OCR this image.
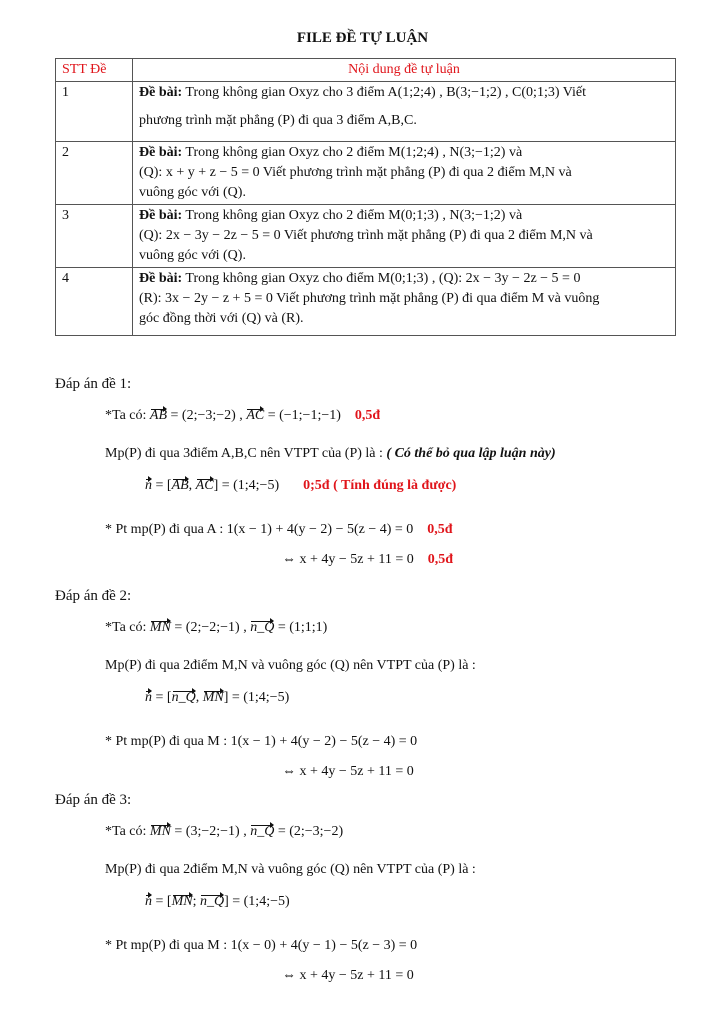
FILE ĐỀ TỰ LUẬN
STT Đề	Nội dung đề tự luận
1	Đề bài: Trong không gian Oxyz cho 3 điểm A(1;2;4) , B(3;−1;2) , C(0;1;3) Viết
phương trình mặt phẳng (P) đi qua 3 điểm A,B,C.

2	Đề bài: Trong không gian Oxyz cho 2 điểm M(1;2;4) , N(3;−1;2) và
(Q): x + y + z − 5 = 0 Viết phương trình mặt phẳng (P) đi qua 2 điểm M,N và
vuông góc với (Q).

3	Đề bài: Trong không gian Oxyz cho 2 điểm M(0;1;3) , N(3;−1;2) và
(Q): 2x − 3y − 2z − 5 = 0 Viết phương trình mặt phẳng (P) đi qua 2 điểm M,N và
vuông góc với (Q).

4	Đề bài: Trong không gian Oxyz cho điểm M(0;1;3) , (Q): 2x − 3y − 2z − 5 = 0
(R): 3x − 2y − z + 5 = 0 Viết phương trình mặt phẳng (P) đi qua điểm M và vuông
góc đồng thời với (Q) và (R).
Đáp án đề 1:
*Ta có: AB = (2;−3;−2) , AC = (−1;−1;−1) 0,5đ
Mp(P) đi qua 3điểm A,B,C nên VTPT của (P) là : ( Có thể bỏ qua lập luận này)
n = [AB, AC] = (1;4;−5) 0;5đ ( Tính đúng là được)
* Pt mp(P) đi qua A : 1(x − 1) + 4(y − 2) − 5(z − 4) = 0 0,5đ
⇔ x + 4y − 5z + 11 = 0 0,5đ
Đáp án đề 2:
*Ta có: MN = (2;−2;−1) , n_Q = (1;1;1)
Mp(P) đi qua 2điểm M,N và vuông góc (Q) nên VTPT của (P) là :
n = [n_Q, MN] = (1;4;−5)
* Pt mp(P) đi qua M : 1(x − 1) + 4(y − 2) − 5(z − 4) = 0
⇔ x + 4y − 5z + 11 = 0
Đáp án đề 3:
*Ta có: MN = (3;−2;−1) , n_Q = (2;−3;−2)
Mp(P) đi qua 2điểm M,N và vuông góc (Q) nên VTPT của (P) là :
n = [MN; n_Q] = (1;4;−5)
* Pt mp(P) đi qua M : 1(x − 0) + 4(y − 1) − 5(z − 3) = 0
⇔ x + 4y − 5z + 11 = 0
